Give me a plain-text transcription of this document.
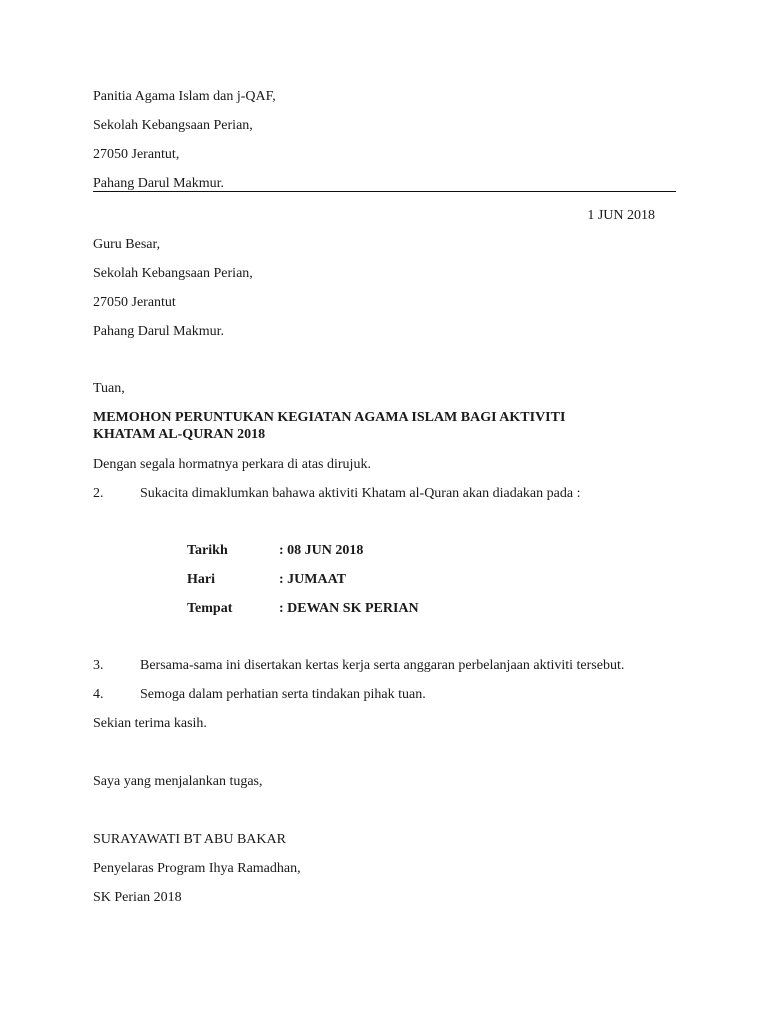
Panitia Agama Islam dan j-QAF,
Sekolah Kebangsaan Perian,
27050 Jerantut,
Pahang Darul Makmur.
1 JUN 2018
Guru Besar,
Sekolah Kebangsaan Perian,
27050 Jerantut
Pahang Darul Makmur.
Tuan,
MEMOHON PERUNTUKAN KEGIATAN AGAMA ISLAM BAGI AKTIVITI
KHATAM AL-QURAN 2018
Dengan segala hormatnya perkara di atas dirujuk.
2.	Sukacita dimaklumkan bahawa aktiviti Khatam al-Quran akan diadakan pada :
Tarikh	: 08 JUN 2018
Hari	: JUMAAT
Tempat	: DEWAN SK PERIAN
3.	Bersama-sama ini disertakan kertas kerja serta anggaran perbelanjaan aktiviti tersebut.
4.	Semoga dalam perhatian serta tindakan pihak tuan.
Sekian terima kasih.
Saya yang menjalankan tugas,
SURAYAWATI BT ABU BAKAR
Penyelaras Program Ihya Ramadhan,
SK Perian 2018
